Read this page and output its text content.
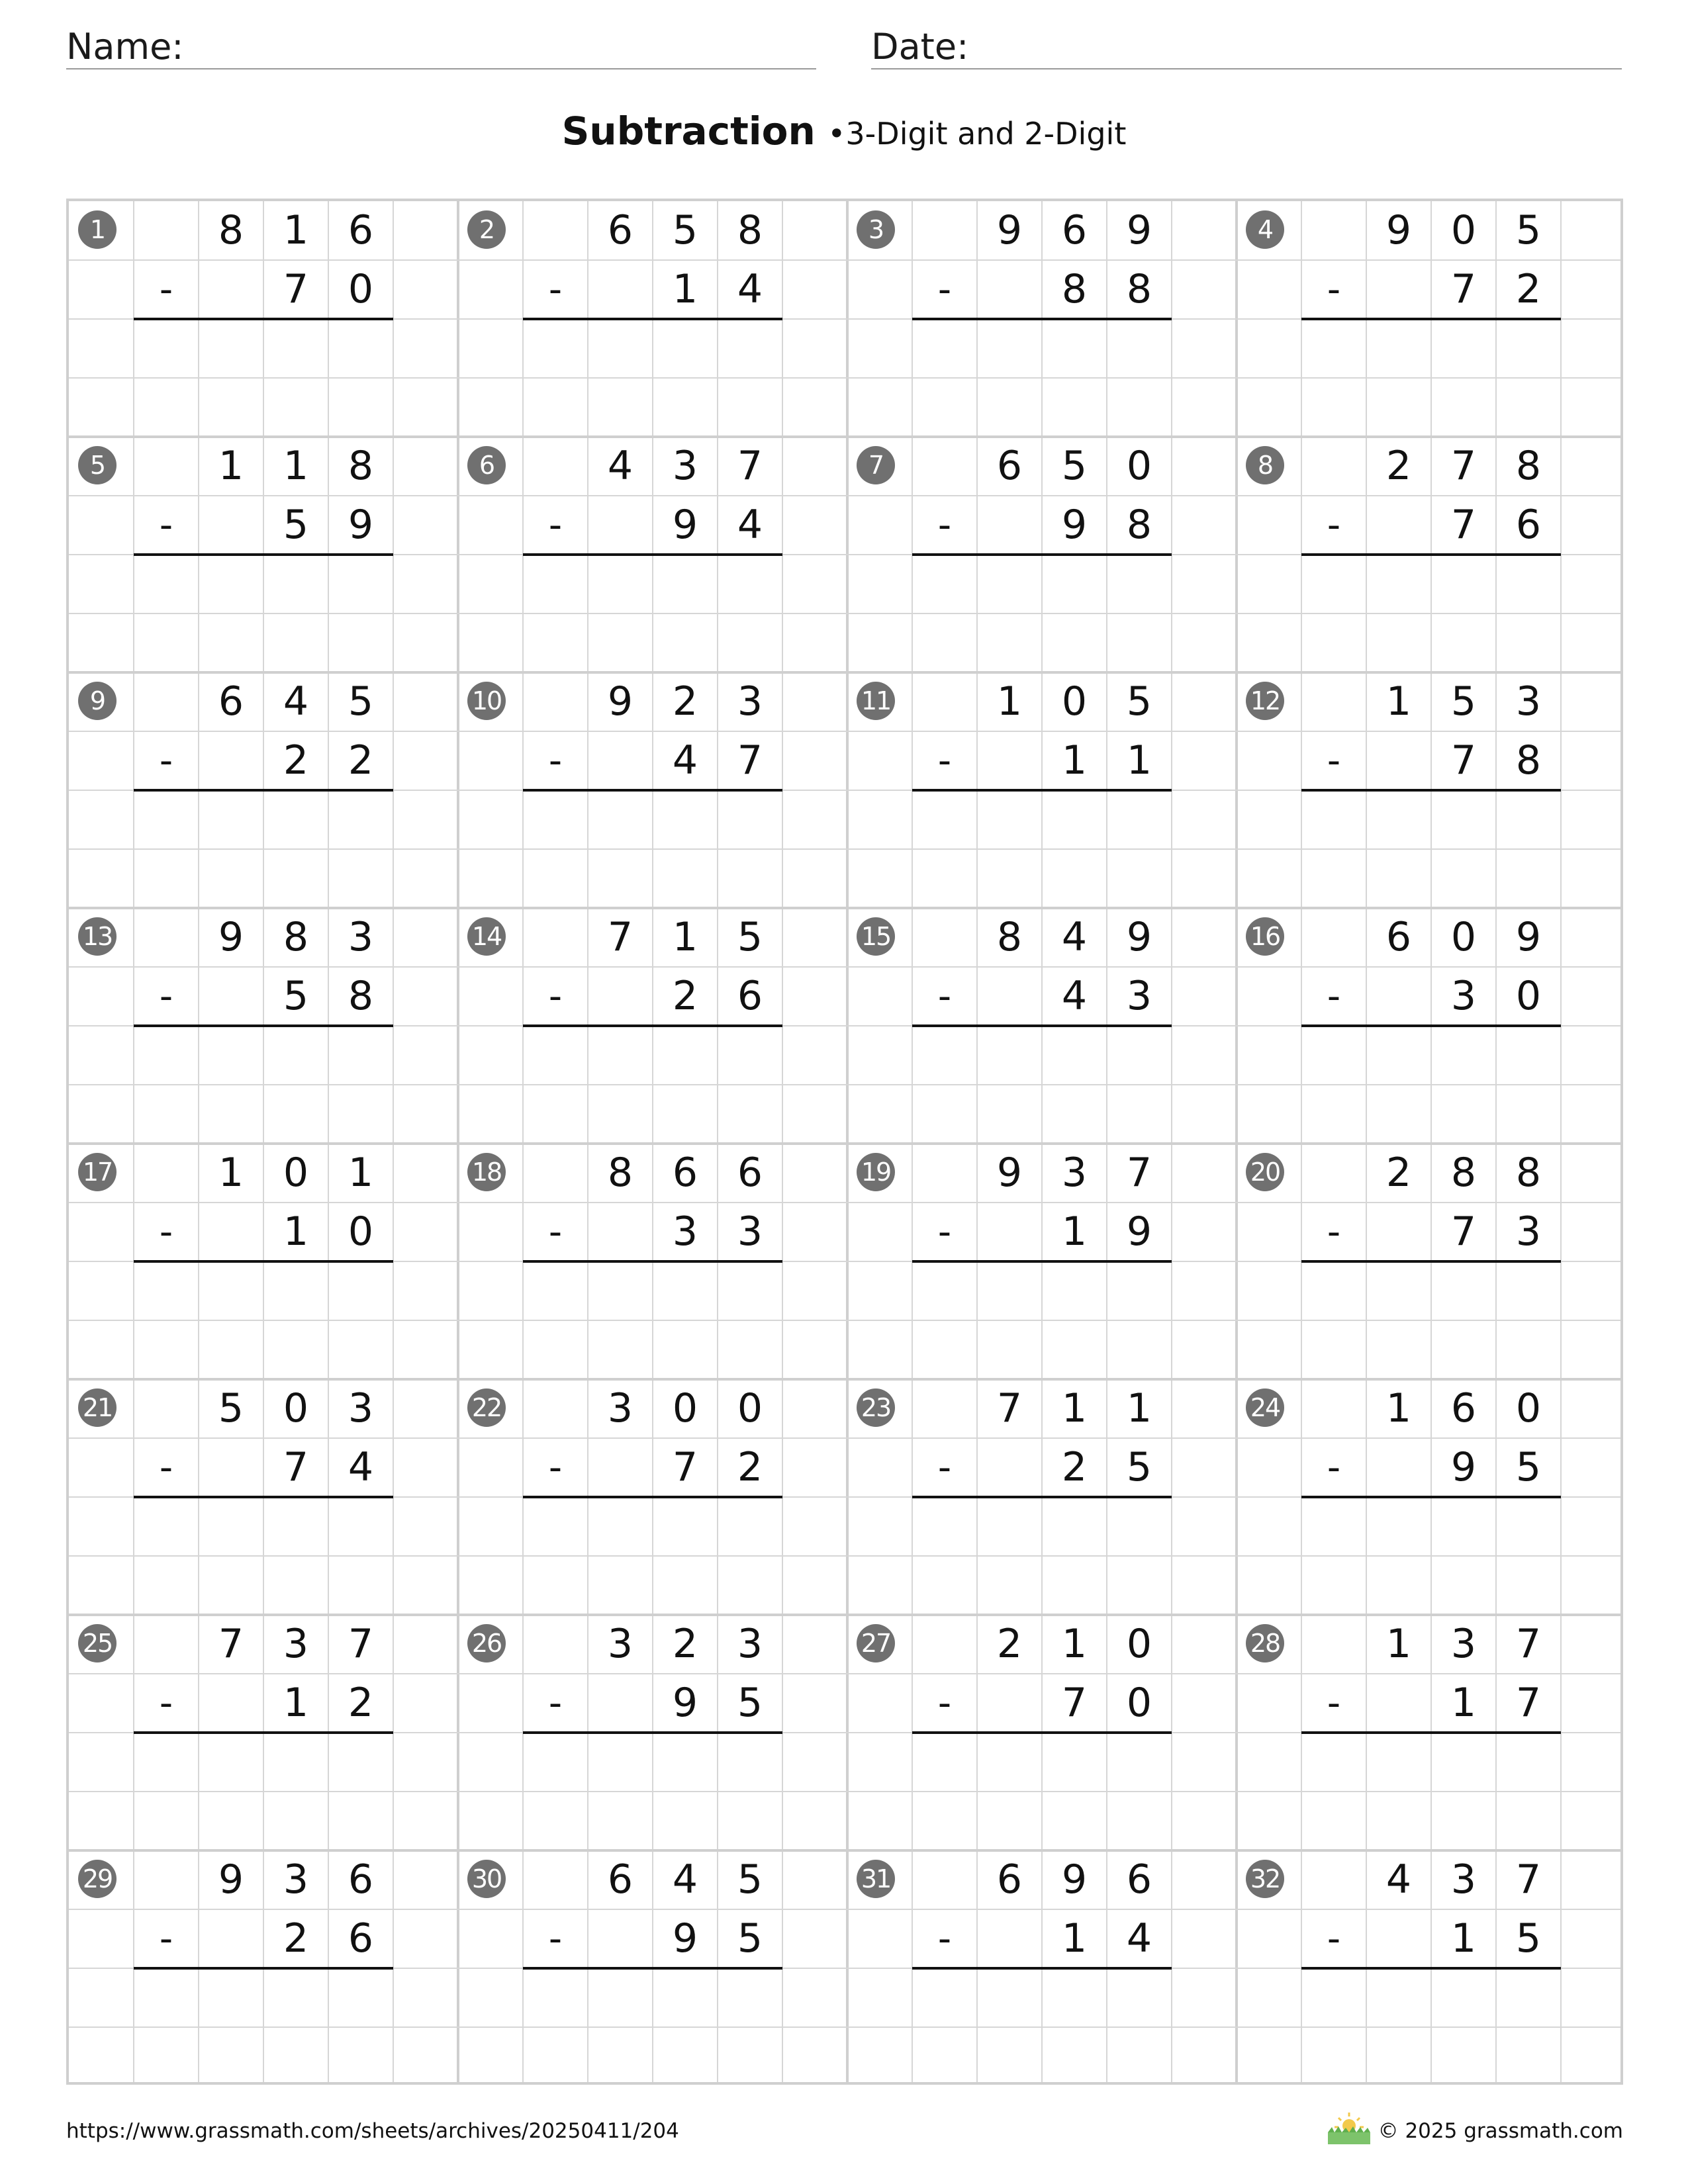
Name:	Date:
Subtraction •3-Digit and 2-Digit
1	8 1 6
-	7 0
2	6 5 8
-	1 4
3	9 6 9
-	8 8
4	9 0 5
-	7 2
5	1 1 8
-	5 9
6	4 3 7
-	9 4
7	6 5 0
-	9 8
8	2 7 8
-	7 6
9	6 4 5
-	2 2
10	9 2 3
-	4 7
11	1 0 5
-	1 1
12	1 5 3
-	7 8
13	9 8 3
-	5 8
14	7 1 5
-	2 6
15	8 4 9
-	4 3
16	6 0 9
-	3 0
17	1 0 1
-	1 0
18	8 6 6
-	3 3
19	9 3 7
-	1 9
20	2 8 8
-	7 3
21	5 0 3
-	7 4
22	3 0 0
-	7 2
23	7 1 1
-	2 5
24	1 6 0
-	9 5
25	7 3 7
-	1 2
26	3 2 3
-	9 5
27	2 1 0
-	7 0
28	1 3 7
-	1 7
29	9 3 6
-	2 6
30	6 4 5
-	9 5
31	6 9 6
-	1 4
32	4 3 7
-	1 5
https://www.grassmath.com/sheets/archives/20250411/204	© 2025 grassmath.com
